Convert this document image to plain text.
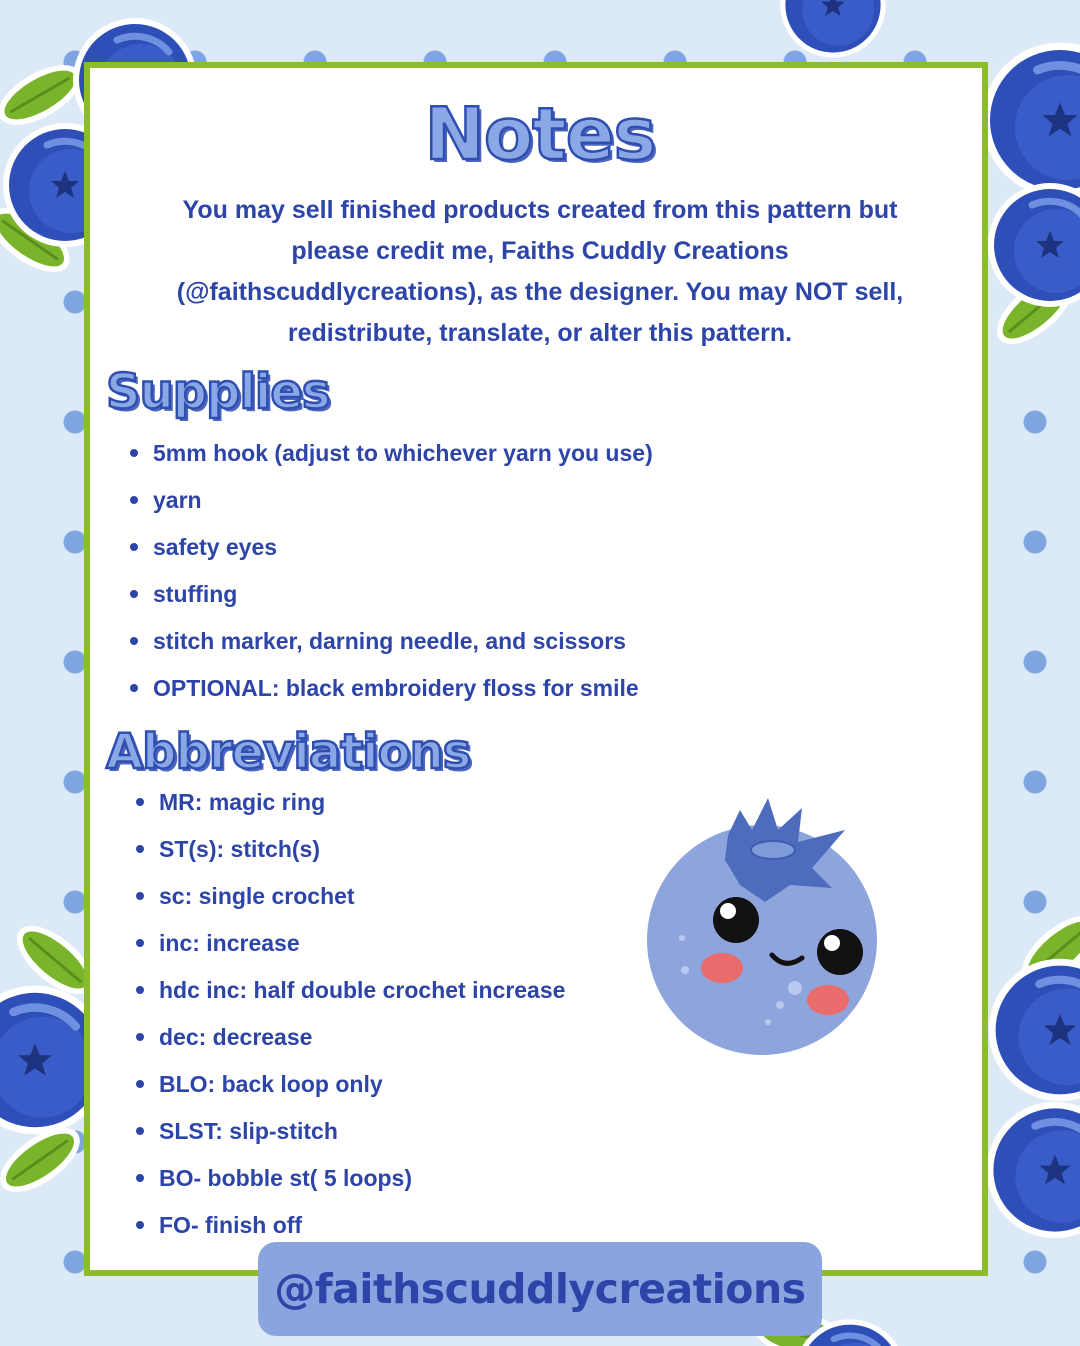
Notes

You may sell finished products created from this pattern but please credit me, Faiths Cuddly Creations (@faithscuddlycreations), as the designer. You may NOT sell, redistribute, translate, or alter this pattern.

Supplies
5mm hook (adjust to whichever yarn you use)
yarn
safety eyes
stuffing
stitch marker, darning needle, and scissors
OPTIONAL: black embroidery floss for smile
Abbreviations
MR: magic ring
ST(s): stitch(s)
sc: single crochet
inc: increase
hdc inc: half double crochet increase
dec: decrease
BLO: back loop only
SLST: slip-stitch
BO- bobble st( 5 loops)
FO- finish off
@faithscuddlycreations
